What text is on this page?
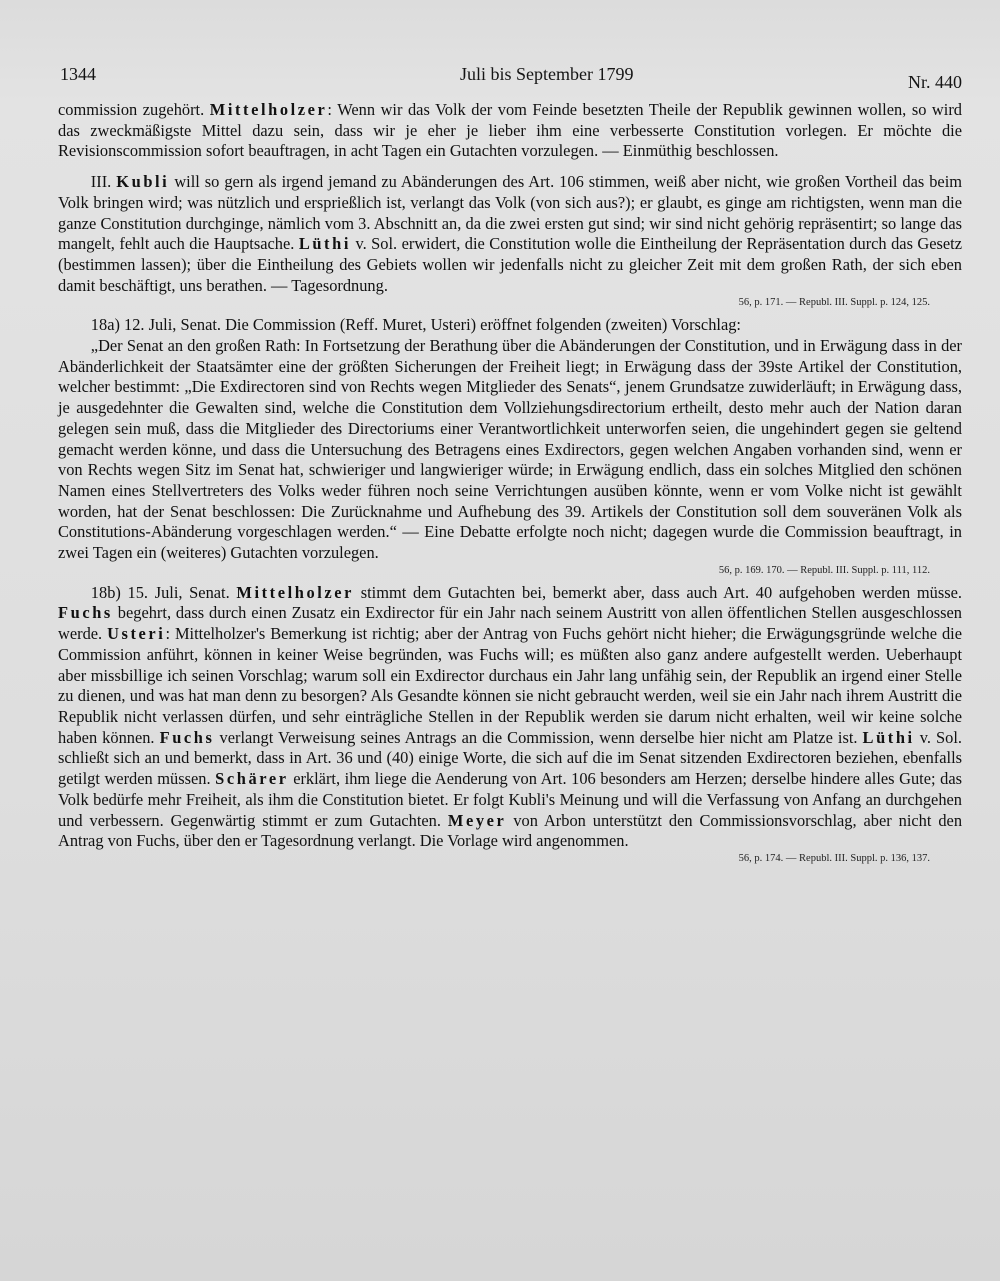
1344	Juli bis September 1799	Nr. 440

commission zugehört. Mittelholzer: Wenn wir das Volk der vom Feinde besetzten Theile der Republik gewinnen wollen, so wird das zweckmäßigste Mittel dazu sein, dass wir je eher je lieber ihm eine verbesserte Constitution vorlegen. Er möchte die Revisionscommission sofort beauftragen, in acht Tagen ein Gutachten vorzulegen. — Einmüthig beschlossen.

III. Kubli will so gern als irgend jemand zu Abänderungen des Art. 106 stimmen, weiß aber nicht, wie großen Vortheil das beim Volk bringen wird; was nützlich und ersprießlich ist, verlangt das Volk (von sich aus?); er glaubt, es ginge am richtigsten, wenn man die ganze Constitution durchginge, nämlich vom 3. Abschnitt an, da die zwei ersten gut sind; wir sind nicht gehörig repräsentirt; so lange das mangelt, fehlt auch die Hauptsache. Lüthi v. Sol. erwidert, die Constitution wolle die Eintheilung der Repräsentation durch das Gesetz (bestimmen lassen); über die Eintheilung des Gebiets wollen wir jedenfalls nicht zu gleicher Zeit mit dem großen Rath, der sich eben damit beschäftigt, uns berathen. — Tagesordnung.

56, p. 171. — Republ. III. Suppl. p. 124, 125.

18a) 12. Juli, Senat. Die Commission (Reff. Muret, Usteri) eröffnet folgenden (zweiten) Vorschlag:

„Der Senat an den großen Rath: In Fortsetzung der Berathung über die Abänderungen der Constitution, und in Erwägung dass in der Abänderlichkeit der Staatsämter eine der größten Sicherungen der Freiheit liegt; in Erwägung dass der 39ste Artikel der Constitution, welcher bestimmt: „Die Exdirectoren sind von Rechts wegen Mitglieder des Senats“, jenem Grundsatze zuwiderläuft; in Erwägung dass, je ausgedehnter die Gewalten sind, welche die Constitution dem Vollziehungsdirectorium ertheilt, desto mehr auch der Nation daran gelegen sein muß, dass die Mitglieder des Directoriums einer Verantwortlichkeit unterworfen seien, die ungehindert gegen sie geltend gemacht werden könne, und dass die Untersuchung des Betragens eines Exdirectors, gegen welchen Angaben vorhanden sind, wenn er von Rechts wegen Sitz im Senat hat, schwieriger und langwieriger würde; in Erwägung endlich, dass ein solches Mitglied den schönen Namen eines Stellvertreters des Volks weder führen noch seine Verrichtungen ausüben könnte, wenn er vom Volke nicht ist gewählt worden, hat der Senat beschlossen: Die Zurücknahme und Aufhebung des 39. Artikels der Constitution soll dem souveränen Volk als Constitutions-Abänderung vorgeschlagen werden.“ — Eine Debatte erfolgte noch nicht; dagegen wurde die Commission beauftragt, in zwei Tagen ein (weiteres) Gutachten vorzulegen.

56, p. 169. 170. — Republ. III. Suppl. p. 111, 112.

18b) 15. Juli, Senat. Mittelholzer stimmt dem Gutachten bei, bemerkt aber, dass auch Art. 40 aufgehoben werden müsse. Fuchs begehrt, dass durch einen Zusatz ein Exdirector für ein Jahr nach seinem Austritt von allen öffentlichen Stellen ausgeschlossen werde. Usteri: Mittelholzer's Bemerkung ist richtig; aber der Antrag von Fuchs gehört nicht hieher; die Erwägungsgründe welche die Commission anführt, können in keiner Weise begründen, was Fuchs will; es müßten also ganz andere aufgestellt werden. Ueberhaupt aber missbillige ich seinen Vorschlag; warum soll ein Exdirector durchaus ein Jahr lang unfähig sein, der Republik an irgend einer Stelle zu dienen, und was hat man denn zu besorgen? Als Gesandte können sie nicht gebraucht werden, weil sie ein Jahr nach ihrem Austritt die Republik nicht verlassen dürfen, und sehr einträgliche Stellen in der Republik werden sie darum nicht erhalten, weil wir keine solche haben können. Fuchs verlangt Verweisung seines Antrags an die Commission, wenn derselbe hier nicht am Platze ist. Lüthi v. Sol. schließt sich an und bemerkt, dass in Art. 36 und (40) einige Worte, die sich auf die im Senat sitzenden Exdirectoren beziehen, ebenfalls getilgt werden müssen. Schärer erklärt, ihm liege die Aenderung von Art. 106 besonders am Herzen; derselbe hindere alles Gute; das Volk bedürfe mehr Freiheit, als ihm die Constitution bietet. Er folgt Kubli's Meinung und will die Verfassung von Anfang an durchgehen und verbessern. Gegenwärtig stimmt er zum Gutachten. Meyer von Arbon unterstützt den Commissionsvorschlag, aber nicht den Antrag von Fuchs, über den er Tagesordnung verlangt. Die Vorlage wird angenommen.

56, p. 174. — Republ. III. Suppl. p. 136, 137.
